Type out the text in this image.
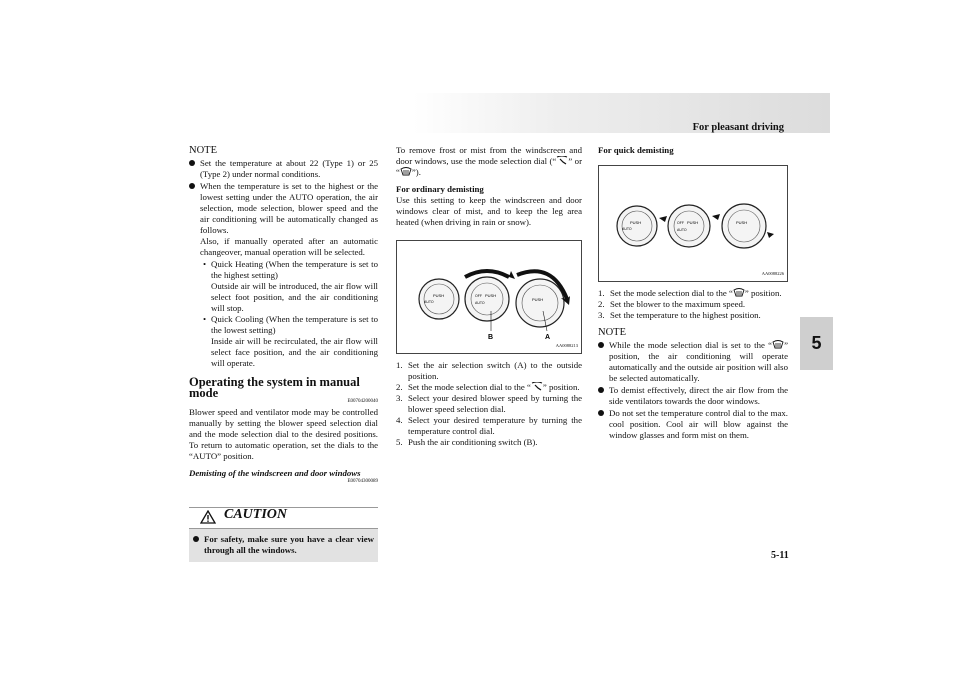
For pleasant driving
5
5-11
NOTE
Set the temperature at about 22 (Type 1) or 25 (Type 2) under normal conditions.
When the temperature is set to the highest or the lowest setting under the AUTO operation, the air selection, mode selection, blower speed and the air conditioning will be automatically changed as follows.
Also, if manually operated after an automatic changeover, manual operation will be selected.
• Quick Heating (When the temperature is set to the highest setting)
Outside air will be introduced, the air flow will select foot position, and the air conditioning will stop.
• Quick Cooling (When the temperature is set to the lowest setting)
Inside air will be recirculated, the air flow will select face position, and the air conditioning will operate.
Operating the system in manual mode
E00704200040

Blower speed and ventilator mode may be controlled manually by setting the blower speed selection dial and the mode selection dial to the desired positions. To return to automatic operation, set the dials to the “AUTO” position.

Demisting of the windscreen and door windows
E00704300089
CAUTION
For safety, make sure you have a clear view through all the windows.

To remove frost or mist from the windscreen and door windows, use the mode selection dial (“ ” or “ ”).

For ordinary demisting

Use this setting to keep the windscreen and door windows clear of mist, and to keep the leg area heated (when driving in rain or snow).

PUSH
AUTO
OFF PUSH
AUTO
PUSH
B	A
AA0088213
1. Set the air selection switch (A) to the outside position.
2. Set the mode selection dial to the “ ” position.
3. Select your desired blower speed by turning the blower speed selection dial.
4. Select your desired temperature by turning the temperature control dial.
5. Push the air conditioning switch (B).
For quick demisting
PUSH
AUTO
OFF PUSH
AUTO
PUSH
AA0088226
1. Set the mode selection dial to the “ ” position.
2. Set the blower to the maximum speed.
3. Set the temperature to the highest position.
NOTE
While the mode selection dial is set to the “ ” position, the air conditioning will operate automatically and the outside air position will also be selected automatically.
To demist effectively, direct the air flow from the side ventilators towards the door windows.
Do not set the temperature control dial to the max. cool position. Cool air will blow against the window glasses and form mist on them.
